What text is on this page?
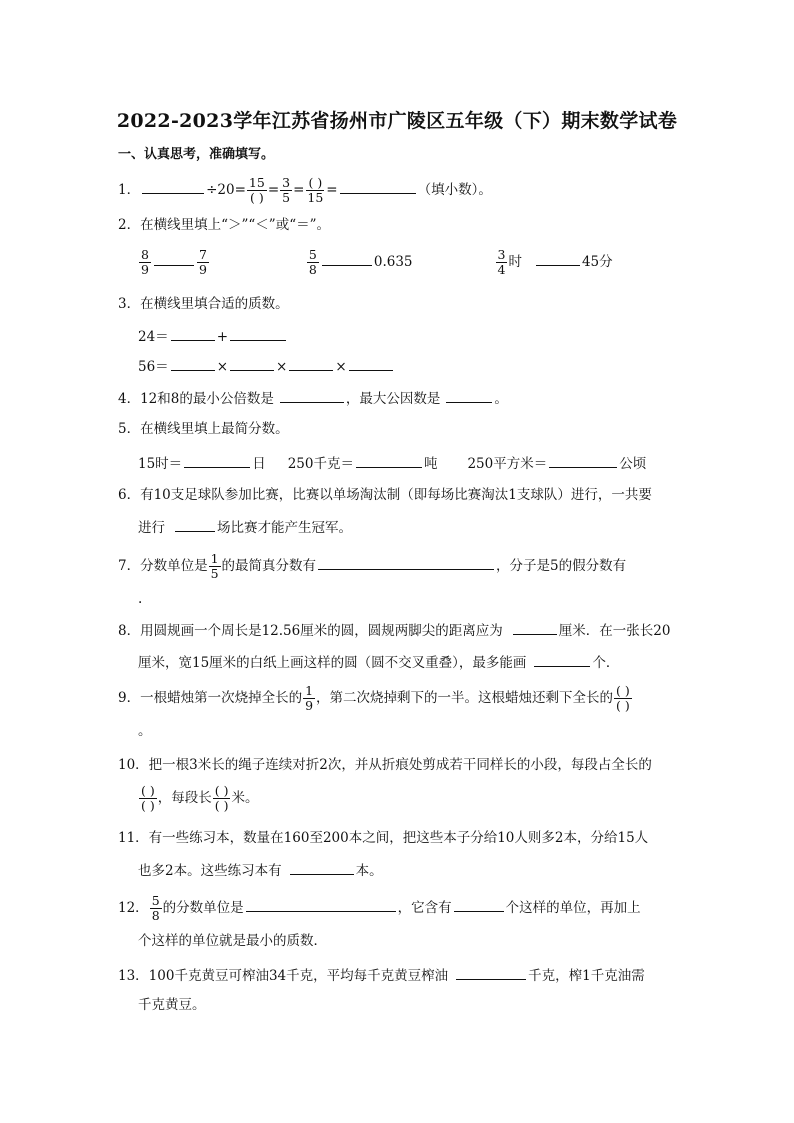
2022-2023学年江苏省扬州市广陵区五年级（下）期末数学试卷
一、认真思考，准确填写。
1．	$\div 20= \frac{15}{( )} = \frac{3}{5} = \frac{( )}{15}$ =	（填小数）。
2．在横线里填上“＞”“＜”或“＝”。
$\frac{8}{9}$	$\frac{7}{9}$	$\frac{5}{8}$	0.635	$\frac{3}{4}$ 时	45分
3．在横线里填合适的质数。
24＝	+
56＝	×	×	×
4．12和8的最小公倍数是	，最大公因数是	。
5．在横线里填上最简分数。
15时＝	日 250千克＝	吨 250平方米＝	公顷
6．有10支足球队参加比赛，比赛以单场淘汰制（即每场比赛淘汰1支球队）进行，一共要
进行	场比赛才能产生冠军。
7．分数单位是 $\frac{1}{5}$ 的最简真分数有	，分子是5的假分数有
.
8．用圆规画一个周长是12.56厘米的圆，圆规两脚尖的距离应为	厘米．在一张长20
厘米，宽15厘米的白纸上画这样的圆（圆不交叉重叠），最多能画	个．
9．一根蜡烛第一次烧掉全长的 $\frac{1}{9}$ ，第二次烧掉剩下的一半。这根蜡烛还剩下全长的 $\frac{( )}{( )}$
。
10．把一根3米长的绳子连续对折2次，并从折痕处剪成若干同样长的小段，每段占全长的
$\frac{( )}{( )}$ ，每段长 $\frac{( )}{( )}$ 米。
11．有一些练习本，数量在160至200本之间，把这些本子分给10人则多2本，分给15人
也多2本。这些练习本有	本。
12． $\frac{5}{8}$ 的分数单位是	，它含有	个这样的单位，再加上
个这样的单位就是最小的质数．
13．100千克黄豆可榨油34千克，平均每千克黄豆榨油	千克，榨1千克油需
千克黄豆。
